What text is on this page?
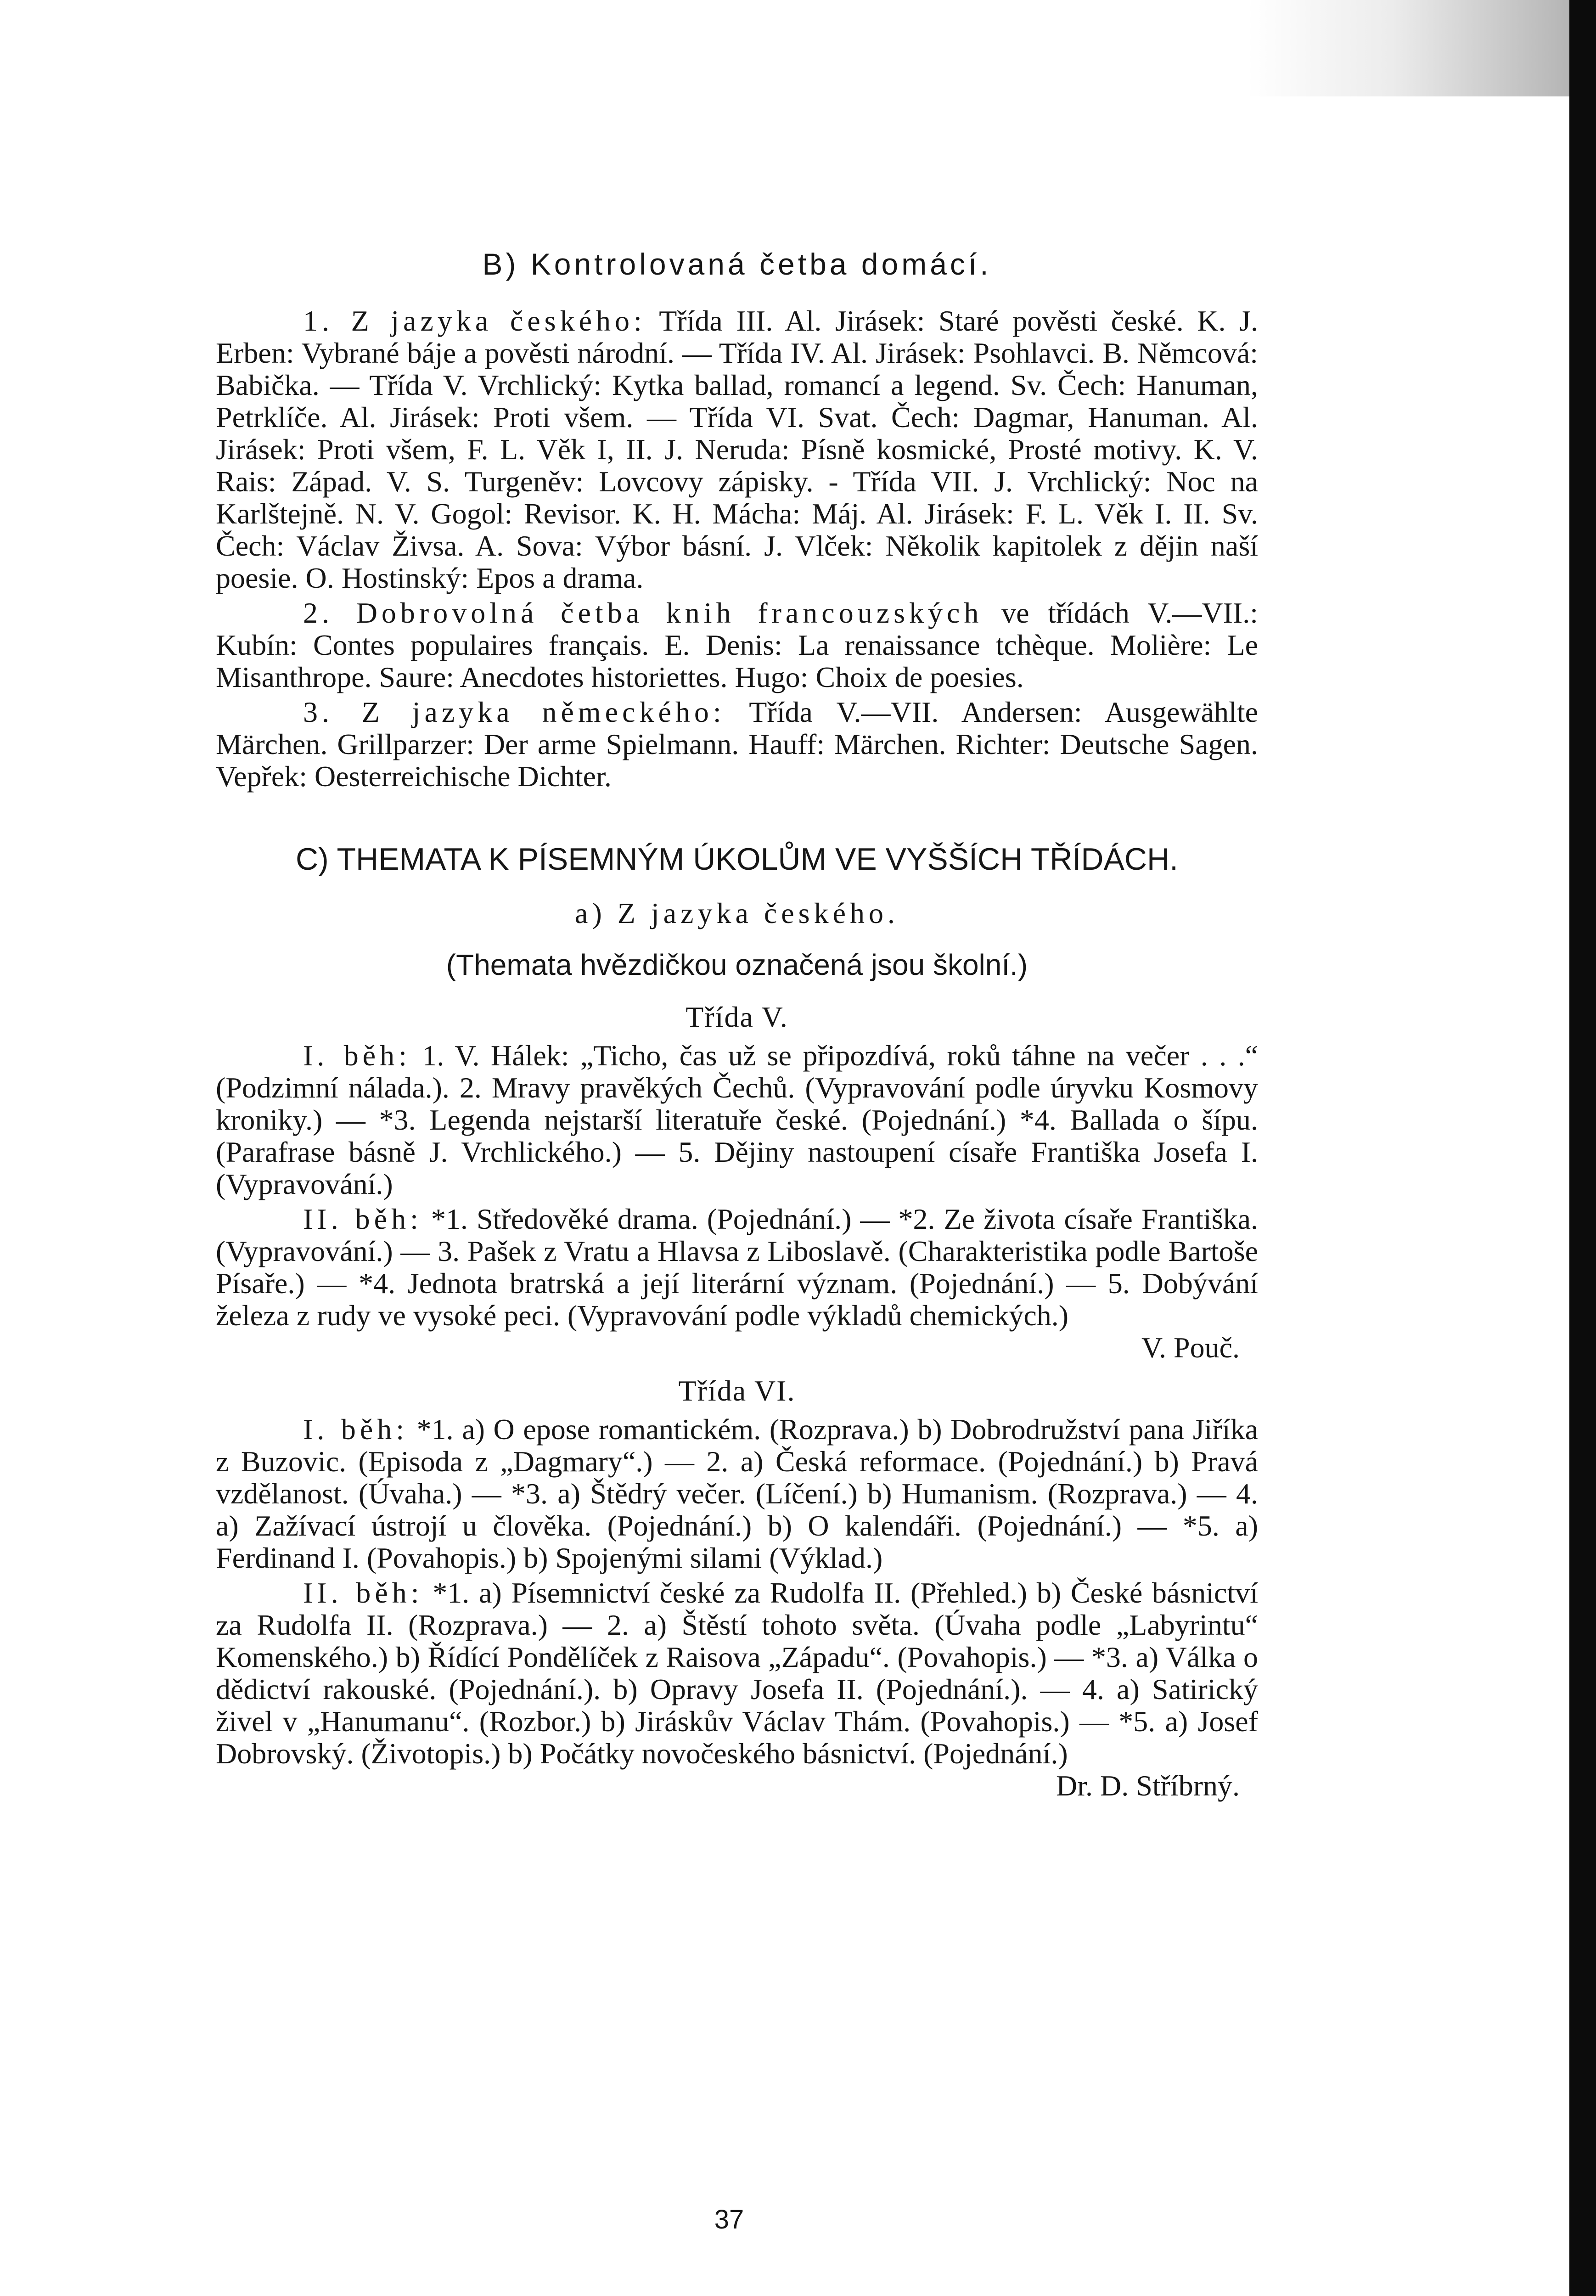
B) Kontrolovaná četba domácí.

1. Z jazyka českého: Třída III. Al. Jirásek: Staré pověsti české. K. J. Erben: Vybrané báje a pověsti národní. — Třída IV. Al. Jirásek: Psohlavci. B. Němcová: Babička. — Třída V. Vrchlický: Kytka ballad, romancí a legend. Sv. Čech: Hanuman, Petrklíče. Al. Jirásek: Proti všem. — Třída VI. Svat. Čech: Dagmar, Hanuman. Al. Jirásek: Proti všem, F. L. Věk I, II. J. Neruda: Písně kosmické, Prosté motivy. K. V. Rais: Západ. V. S. Turgeněv: Lovcovy zápisky. - Třída VII. J. Vrchlický: Noc na Karlštejně. N. V. Gogol: Revisor. K. H. Mácha: Máj. Al. Jirásek: F. L. Věk I. II. Sv. Čech: Václav Živsa. A. Sova: Výbor básní. J. Vlček: Několik kapitolek z dějin naší poesie. O. Hostinský: Epos a drama.

2. Dobrovolná četba knih francouzských ve třídách V.—VII.: Kubín: Contes populaires français. E. Denis: La renaissance tchèque. Molière: Le Misanthrope. Saure: Anecdotes historiettes. Hugo: Choix de poesies.

3. Z jazyka německého: Třída V.—VII. Andersen: Ausgewählte Märchen. Grillparzer: Der arme Spielmann. Hauff: Märchen. Richter: Deutsche Sagen. Vepřek: Oesterreichische Dichter.

C) THEMATA K PÍSEMNÝM ÚKOLŮM VE VYŠŠÍCH TŘÍDÁCH.

a) Z jazyka českého.

(Themata hvězdičkou označená jsou školní.)

Třída V.

I. běh: 1. V. Hálek: „Ticho, čas už se připozdívá, roků táhne na večer . . .“ (Podzimní nálada.). 2. Mravy pravěkých Čechů. (Vypravování podle úryvku Kosmovy kroniky.) — *3. Legenda nejstarší literatuře české. (Pojednání.) *4. Ballada o šípu. (Parafrase básně J. Vrchlického.) — 5. Dějiny nastoupení císaře Františka Josefa I. (Vypravování.)

II. běh: *1. Středověké drama. (Pojednání.) — *2. Ze života císaře Františka. (Vypravování.) — 3. Pašek z Vratu a Hlavsa z Liboslavě. (Charakteristika podle Bartoše Písaře.) — *4. Jednota bratrská a její literární význam. (Pojednání.) — 5. Dobývání železa z rudy ve vysoké peci. (Vypravování podle výkladů chemických.)

V. Pouč.

Třída VI.

I. běh: *1. a) O epose romantickém. (Rozprava.) b) Dobrodružství pana Jiříka z Buzovic. (Episoda z „Dagmary“.) — 2. a) Česká reformace. (Pojednání.) b) Pravá vzdělanost. (Úvaha.) — *3. a) Štědrý večer. (Líčení.) b) Humanism. (Rozprava.) — 4. a) Zažívací ústrojí u člověka. (Pojednání.) b) O kalendáři. (Pojednání.) — *5. a) Ferdinand I. (Povahopis.) b) Spojenými silami (Výklad.)

II. běh: *1. a) Písemnictví české za Rudolfa II. (Přehled.) b) České básnictví za Rudolfa II. (Rozprava.) — 2. a) Štěstí tohoto světa. (Úvaha podle „Labyrintu“ Komenského.) b) Řídící Pondělíček z Raisova „Západu“. (Povahopis.) — *3. a) Válka o dědictví rakouské. (Pojednání.). b) Opravy Josefa II. (Pojednání.). — 4. a) Satirický živel v „Hanumanu“. (Rozbor.) b) Jiráskův Václav Thám. (Povahopis.) — *5. a) Josef Dobrovský. (Životopis.) b) Počátky novočeského básnictví. (Pojednání.)

Dr. D. Stříbrný.

37
